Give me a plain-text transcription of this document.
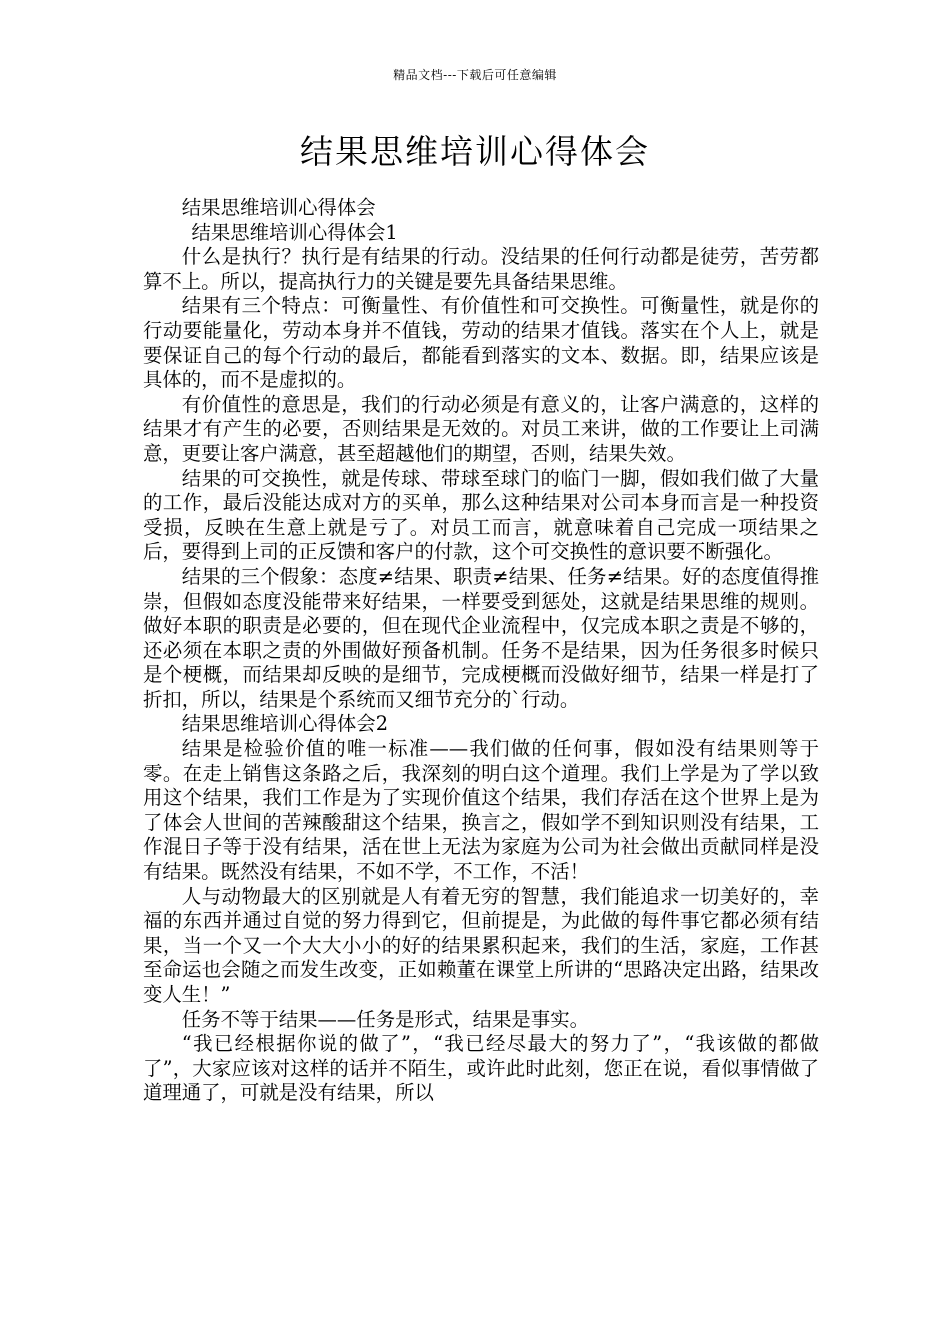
精品文档---下载后可任意编辑
结果思维培训心得体会

结果思维培训心得体会

结果思维培训心得体会1

什么是执行？执行是有结果的行动。没结果的任何行动都是徒劳，苦劳都算不上。所以，提高执行力的关键是要先具备结果思维。

结果有三个特点：可衡量性、有价值性和可交换性。可衡量性，就是你的行动要能量化，劳动本身并不值钱，劳动的结果才值钱。落实在个人上，就是要保证自己的每个行动的最后，都能看到落实的文本、数据。即，结果应该是具体的，而不是虚拟的。

有价值性的意思是，我们的行动必须是有意义的，让客户满意的，这样的结果才有产生的必要，否则结果是无效的。对员工来讲，做的工作要让上司满意，更要让客户满意，甚至超越他们的期望，否则，结果失效。

结果的可交换性，就是传球、带球至球门的临门一脚，假如我们做了大量的工作，最后没能达成对方的买单，那么这种结果对公司本身而言是一种投资受损，反映在生意上就是亏了。对员工而言，就意味着自己完成一项结果之后，要得到上司的正反馈和客户的付款，这个可交换性的意识要不断强化。

结果的三个假象：态度≠结果、职责≠结果、任务≠结果。好的态度值得推崇，但假如态度没能带来好结果，一样要受到惩处，这就是结果思维的规则。做好本职的职责是必要的，但在现代企业流程中，仅完成本职之责是不够的，还必须在本职之责的外围做好预备机制。任务不是结果，因为任务很多时候只是个梗概，而结果却反映的是细节，完成梗概而没做好细节，结果一样是打了折扣，所以，结果是个系统而又细节充分的`行动。

结果思维培训心得体会2

结果是检验价值的唯一标准——我们做的任何事，假如没有结果则等于零。在走上销售这条路之后，我深刻的明白这个道理。我们上学是为了学以致用这个结果，我们工作是为了实现价值这个结果，我们存活在这个世界上是为了体会人世间的苦辣酸甜这个结果，换言之，假如学不到知识则没有结果，工作混日子等于没有结果，活在世上无法为家庭为公司为社会做出贡献同样是没有结果。既然没有结果，不如不学，不工作，不活！

人与动物最大的区别就是人有着无穷的智慧，我们能追求一切美好的，幸福的东西并通过自觉的努力得到它，但前提是，为此做的每件事它都必须有结果，当一个又一个大大小小的好的结果累积起来，我们的生活，家庭，工作甚至命运也会随之而发生改变，正如赖董在课堂上所讲的“思路决定出路，结果改变人生！”

任务不等于结果——任务是形式，结果是事实。

“我已经根据你说的做了”，“我已经尽最大的努力了”，“我该做的都做了”，大家应该对这样的话并不陌生，或许此时此刻，您正在说，看似事情做了道理通了，可就是没有结果，所以
